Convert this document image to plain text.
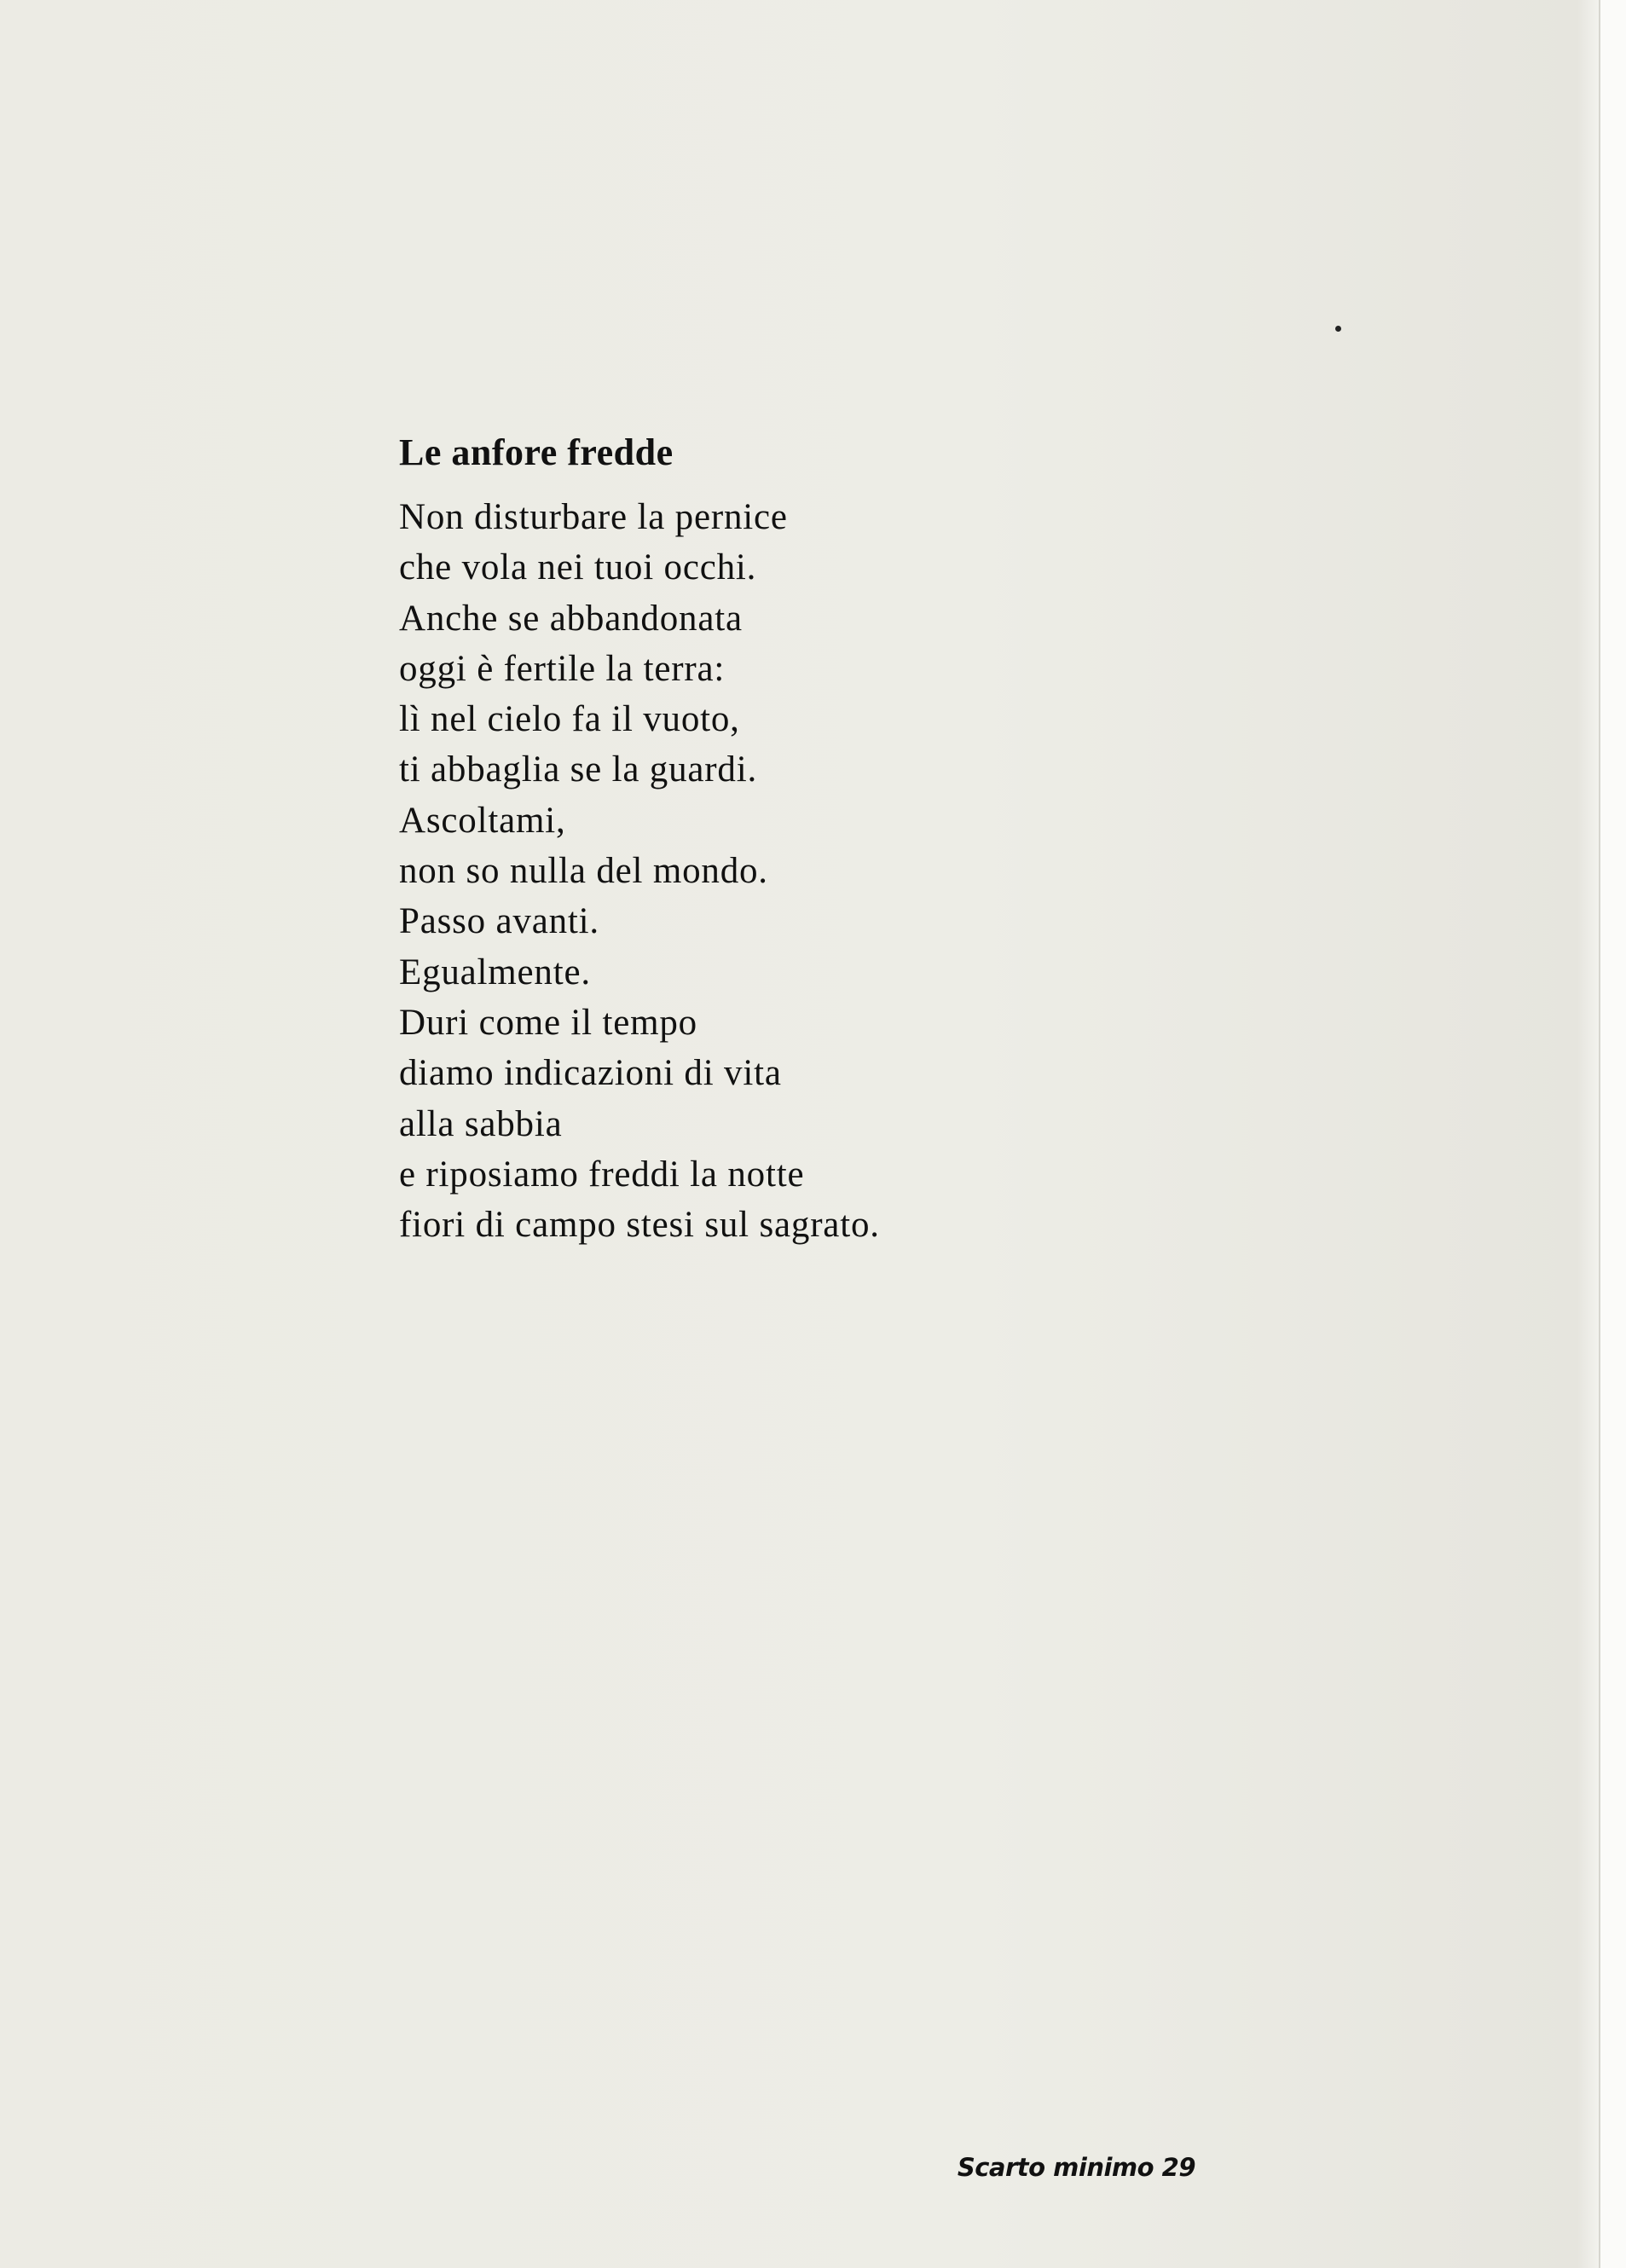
Le anfore fredde
Non disturbare la pernice
che vola nei tuoi occhi.
Anche se abbandonata
oggi è fertile la terra:
lì nel cielo fa il vuoto,
ti abbaglia se la guardi.
Ascoltami,
non so nulla del mondo.
Passo avanti.
Egualmente.
Duri come il tempo
diamo indicazioni di vita
alla sabbia
e riposiamo freddi la notte
fiori di campo stesi sul sagrato.
Scarto minimo 29
